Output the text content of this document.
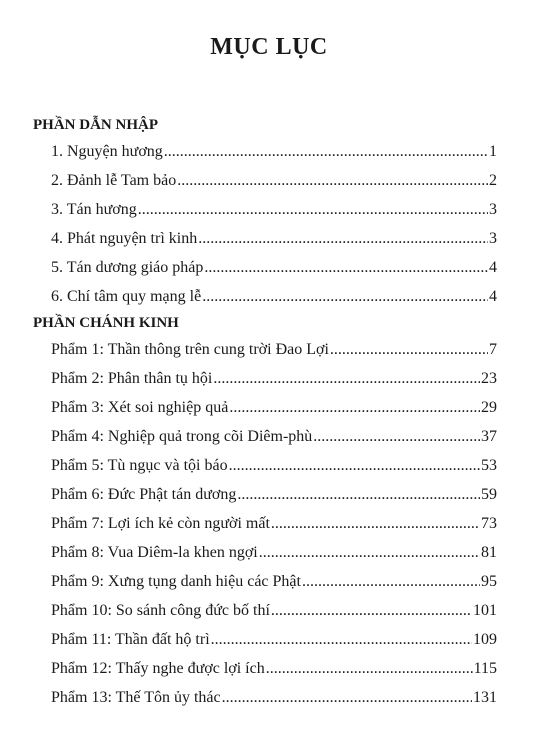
MỤC LỤC
PHẦN DẪN NHẬP
1. Nguyện hương .....	1
2. Đảnh lễ Tam bảo .....	2
3. Tán hương .....	3
4. Phát nguyện trì kinh .....	3
5. Tán dương giáo pháp .....	4
6. Chí tâm quy mạng lễ .....	4
PHẦN CHÁNH KINH
Phẩm 1: Thần thông trên cung trời Đao Lợi .....	7
Phẩm 2: Phân thân tụ hội .....	23
Phẩm 3: Xét soi nghiệp quả .....	29
Phẩm 4: Nghiệp quả trong cõi Diêm-phù .....	37
Phẩm 5: Tù ngục và tội báo .....	53
Phẩm 6: Đức Phật tán dương .....	59
Phẩm 7: Lợi ích kẻ còn người mất .....	73
Phẩm 8: Vua Diêm-la khen ngợi .....	81
Phẩm 9: Xưng tụng danh hiệu các Phật .....	95
Phẩm 10: So sánh công đức bố thí .....	101
Phẩm 11: Thần đất hộ trì .....	109
Phẩm 12: Thấy nghe được lợi ích .....	115
Phẩm 13: Thế Tôn ủy thác .....	131
